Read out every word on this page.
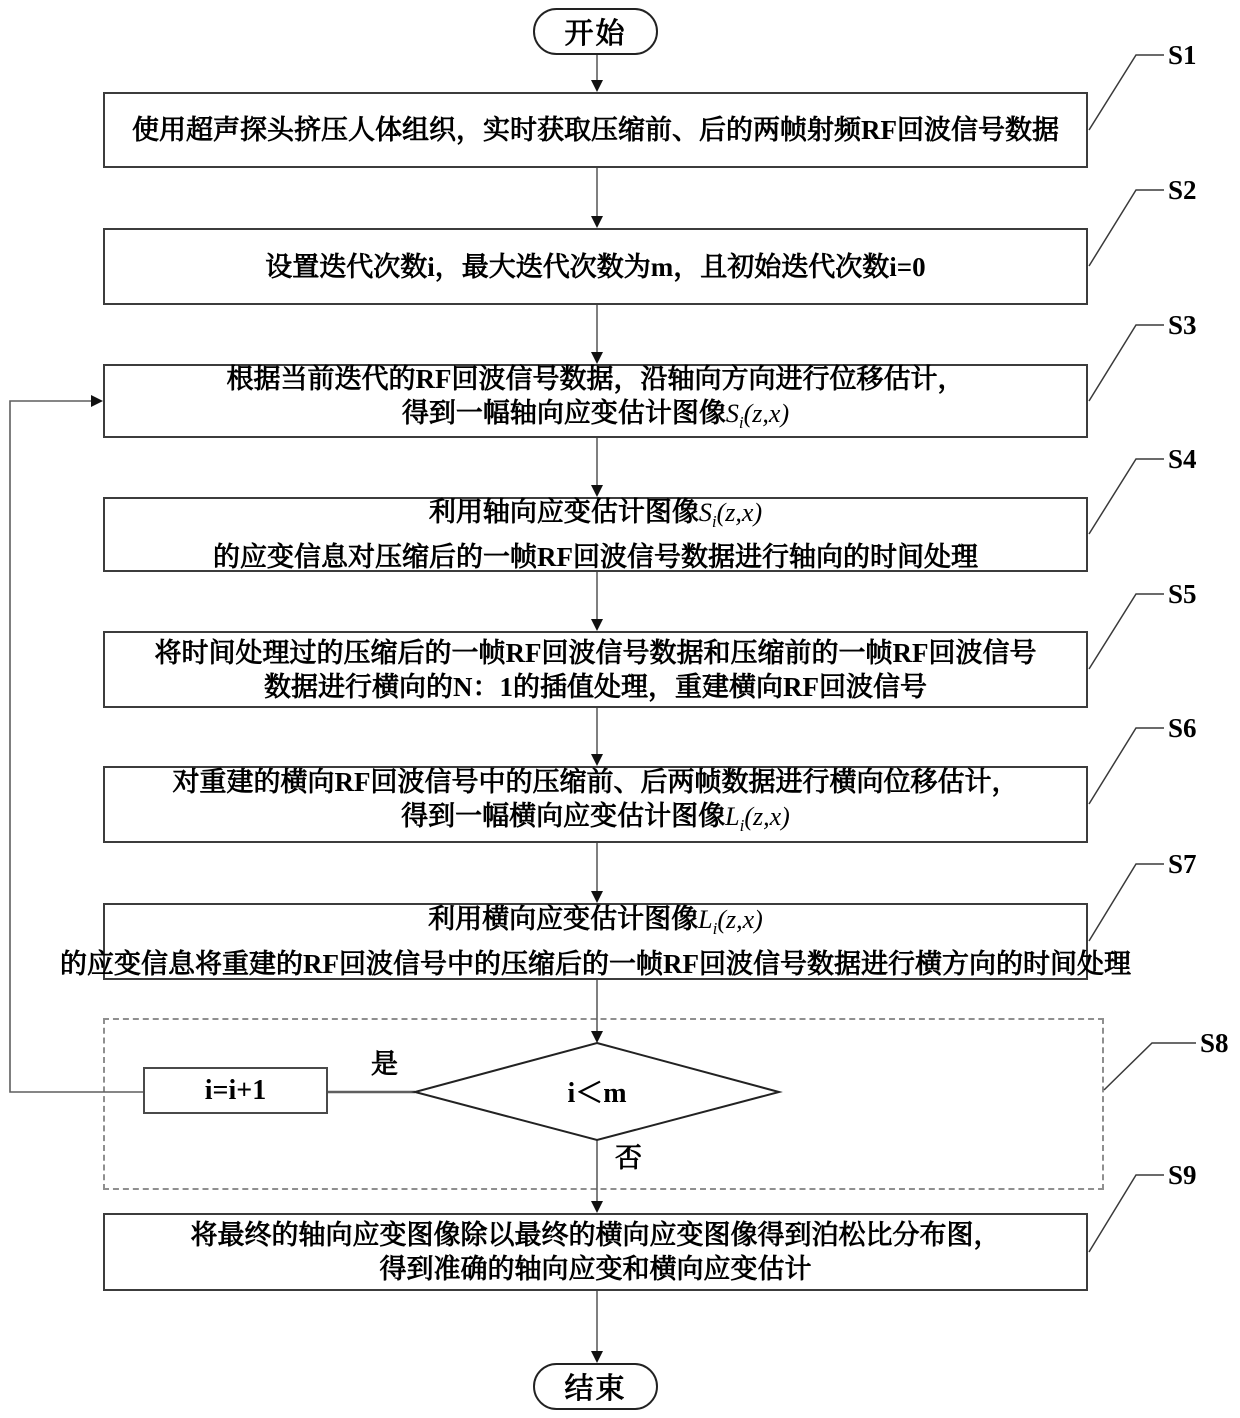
开始
使用超声探头挤压人体组织，实时获取压缩前、后的两帧射频RF回波信号数据
设置迭代次数i，最大迭代次数为m，且初始迭代次数i=0
根据当前迭代的RF回波信号数据，沿轴向方向进行位移估计，
得到一幅轴向应变估计图像$S_i(z,x)$
利用轴向应变估计图像$S_i(z,x)$
的应变信息对压缩后的一帧RF回波信号数据进行轴向的时间处理
将时间处理过的压缩后的一帧RF回波信号数据和压缩前的一帧RF回波信号
数据进行横向的N：1的插值处理，重建横向RF回波信号
对重建的横向RF回波信号中的压缩前、后两帧数据进行横向位移估计，
得到一幅横向应变估计图像$L_i(z,x)$
利用横向应变估计图像$L_i(z,x)$
的应变信息将重建的RF回波信号中的压缩后的一帧RF回波信号数据进行横方向的时间处理
i=i+1	i＜m
是
否
将最终的轴向应变图像除以最终的横向应变图像得到泊松比分布图，
得到准确的轴向应变和横向应变估计
结束
S1
S2
S3
S4
S5
S6
S7
S8
S9
